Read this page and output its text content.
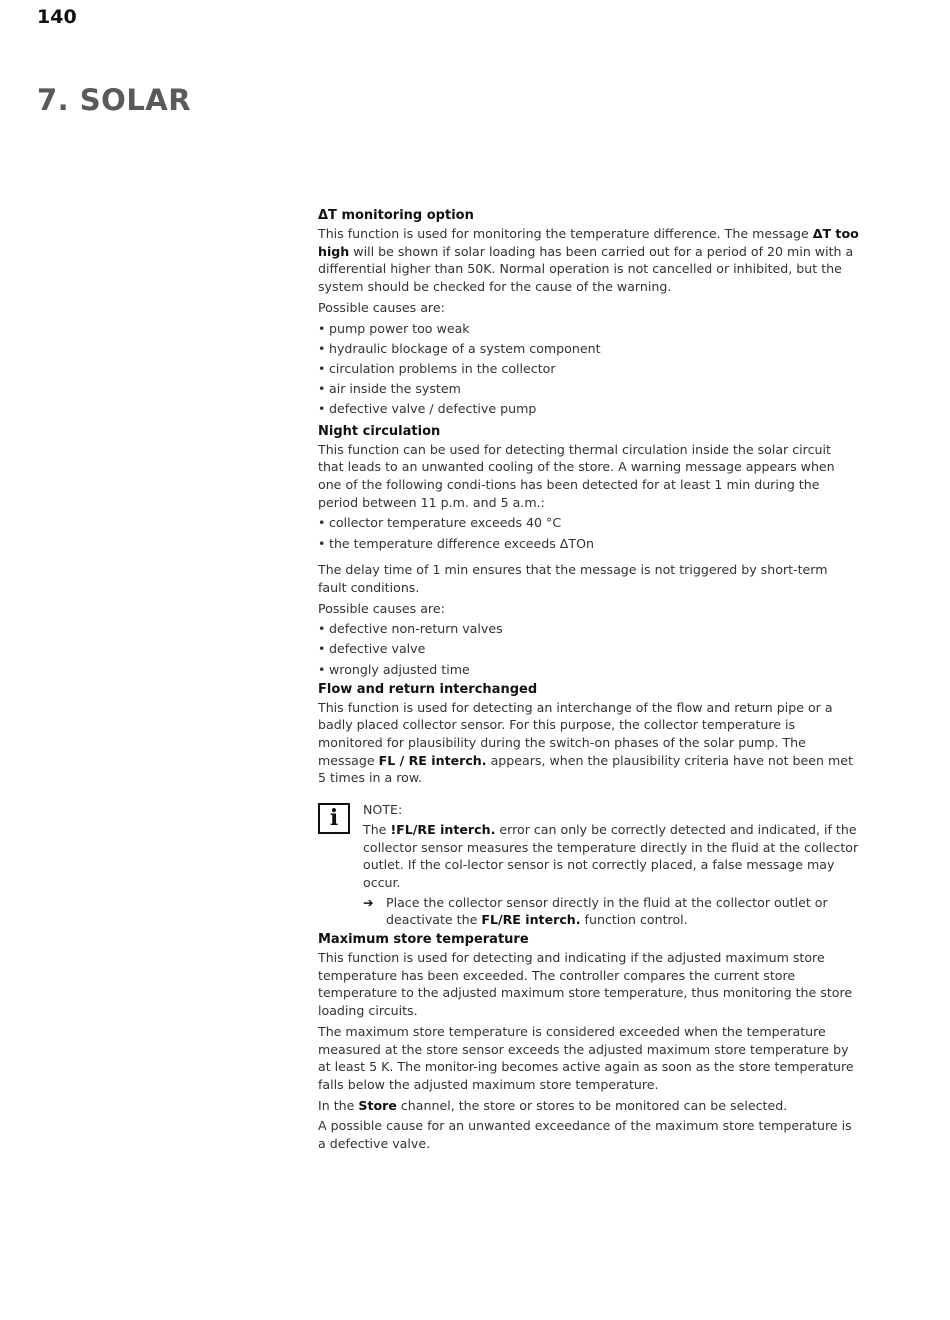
140
7. SOLAR
ΔT monitoring option

This function is used for monitoring the temperature difference. The message ΔT too high will be shown if solar loading has been carried out for a period of 20 min with a differential higher than 50K. Normal operation is not cancelled or inhibited, but the system should be checked for the cause of the warning.

Possible causes are:

• pump power too weak
• hydraulic blockage of a system component
• circulation problems in the collector
• air inside the system
• defective valve / defective pump
Night circulation

This function can be used for detecting thermal circulation inside the solar circuit that leads to an unwanted cooling of the store. A warning message appears when one of the following condi-tions has been detected for at least 1 min during the period between 11 p.m. and 5 a.m.:

• collector temperature exceeds 40 °C
• the temperature difference exceeds ΔTOn

The delay time of 1 min ensures that the message is not triggered by short-term fault conditions.

Possible causes are:

• defective non-return valves
• defective valve
• wrongly adjusted time
Flow and return interchanged

This function is used for detecting an interchange of the flow and return pipe or a badly placed collector sensor. For this purpose, the collector temperature is monitored for plausibility during the switch-on phases of the solar pump. The message FL / RE interch. appears, when the plausibility criteria have not been met 5 times in a row.

i	NOTE:

The !FL/RE interch. error can only be correctly detected and indicated, if the collector sensor measures the temperature directly in the fluid at the collector outlet. If the col-lector sensor is not correctly placed, a false message may occur.

➔ Place the collector sensor directly in the fluid at the collector outlet or deactivate the FL/RE interch. function control.

Maximum store temperature

This function is used for detecting and indicating if the adjusted maximum store temperature has been exceeded. The controller compares the current store temperature to the adjusted maximum store temperature, thus monitoring the store loading circuits.

The maximum store temperature is considered exceeded when the temperature measured at the store sensor exceeds the adjusted maximum store temperature by at least 5 K. The monitor-ing becomes active again as soon as the store temperature falls below the adjusted maximum store temperature.

In the Store channel, the store or stores to be monitored can be selected.

A possible cause for an unwanted exceedance of the maximum store temperature is a defective valve.
